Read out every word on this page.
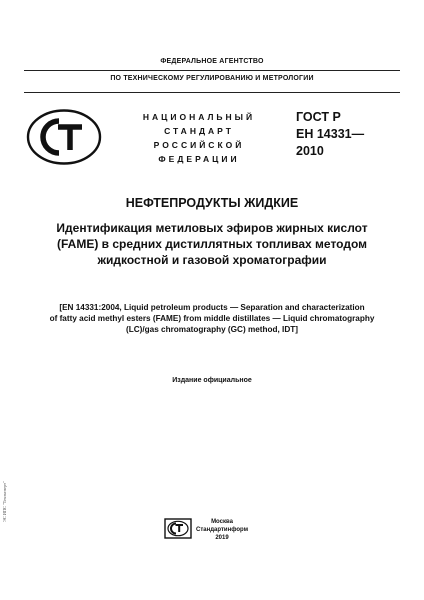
ФЕДЕРАЛЬНОЕ АГЕНТСТВО
ПО ТЕХНИЧЕСКОМУ РЕГУЛИРОВАНИЮ И МЕТРОЛОГИИ
НАЦИОНАЛЬНЫЙ
СТАНДАРТ
РОССИЙСКОЙ
ФЕДЕРАЦИИ
ГОСТ Р
ЕН 14331—
2010
НЕФТЕПРОДУКТЫ ЖИДКИЕ
Идентификация метиловых эфиров жирных кислот
(FAME) в средних дистиллятных топливах методом
жидкостной и газовой хроматографии
[EN 14331:2004, Liquid petroleum products — Separation and characterization
of fatty acid methyl esters (FAME) from middle distillates — Liquid chromatography
(LC)/gas chromatography (GC) method, IDT]
Издание официальное
Москва
Стандартинформ
2019
ЭС ИПС "Техэксперт"
